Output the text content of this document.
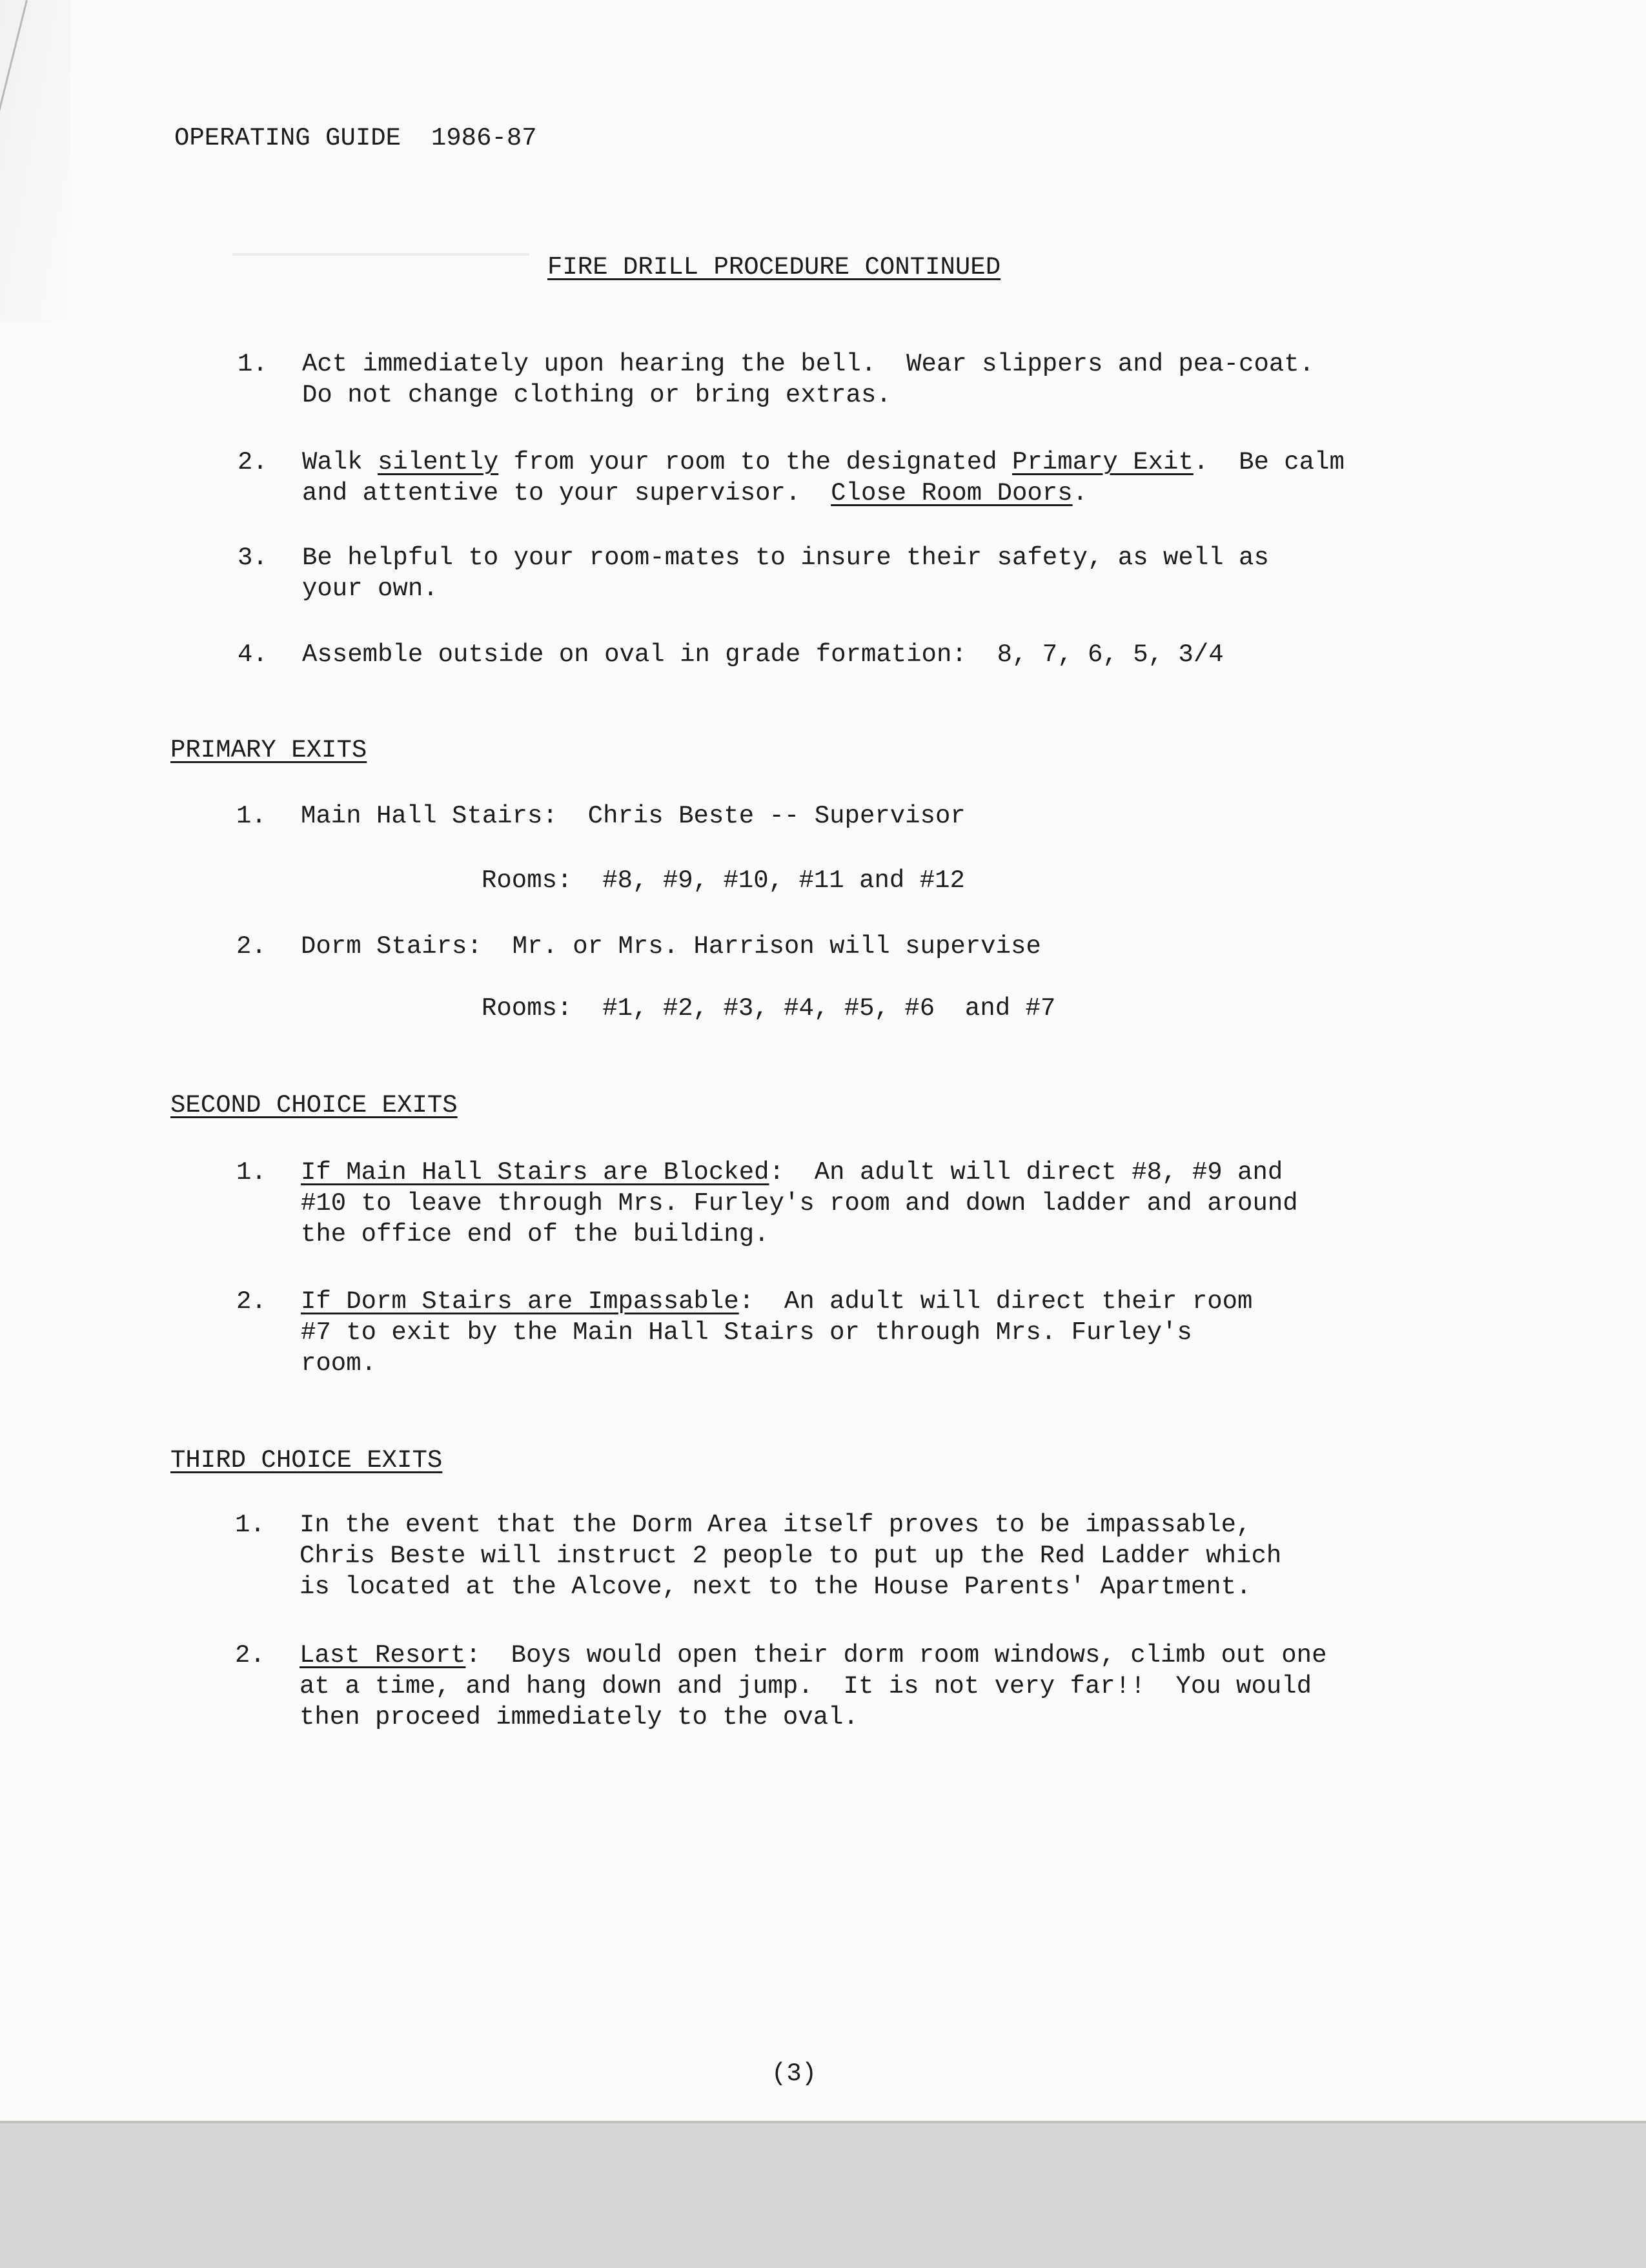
OPERATING GUIDE  1986-87
FIRE DRILL PROCEDURE CONTINUED
1. Act immediately upon hearing the bell.  Wear slippers and pea-coat.
Do not change clothing or bring extras.
2. Walk silently from your room to the designated Primary Exit.  Be calm
and attentive to your supervisor.  Close Room Doors.
3. Be helpful to your room-mates to insure their safety, as well as
your own.
4. Assemble outside on oval in grade formation:  8, 7, 6, 5, 3/4
PRIMARY EXITS
1. Main Hall Stairs:  Chris Beste -- Supervisor
Rooms:  #8, #9, #10, #11 and #12
2. Dorm Stairs:  Mr. or Mrs. Harrison will supervise
Rooms:  #1, #2, #3, #4, #5, #6  and #7
SECOND CHOICE EXITS
1. If Main Hall Stairs are Blocked:  An adult will direct #8, #9 and
#10 to leave through Mrs. Furley's room and down ladder and around
the office end of the building.
2. If Dorm Stairs are Impassable:  An adult will direct their room
#7 to exit by the Main Hall Stairs or through Mrs. Furley's
room.
THIRD CHOICE EXITS
1. In the event that the Dorm Area itself proves to be impassable,
Chris Beste will instruct 2 people to put up the Red Ladder which
is located at the Alcove, next to the House Parents' Apartment.
2. Last Resort:  Boys would open their dorm room windows, climb out one
at a time, and hang down and jump.  It is not very far!!  You would
then proceed immediately to the oval.
(3)
